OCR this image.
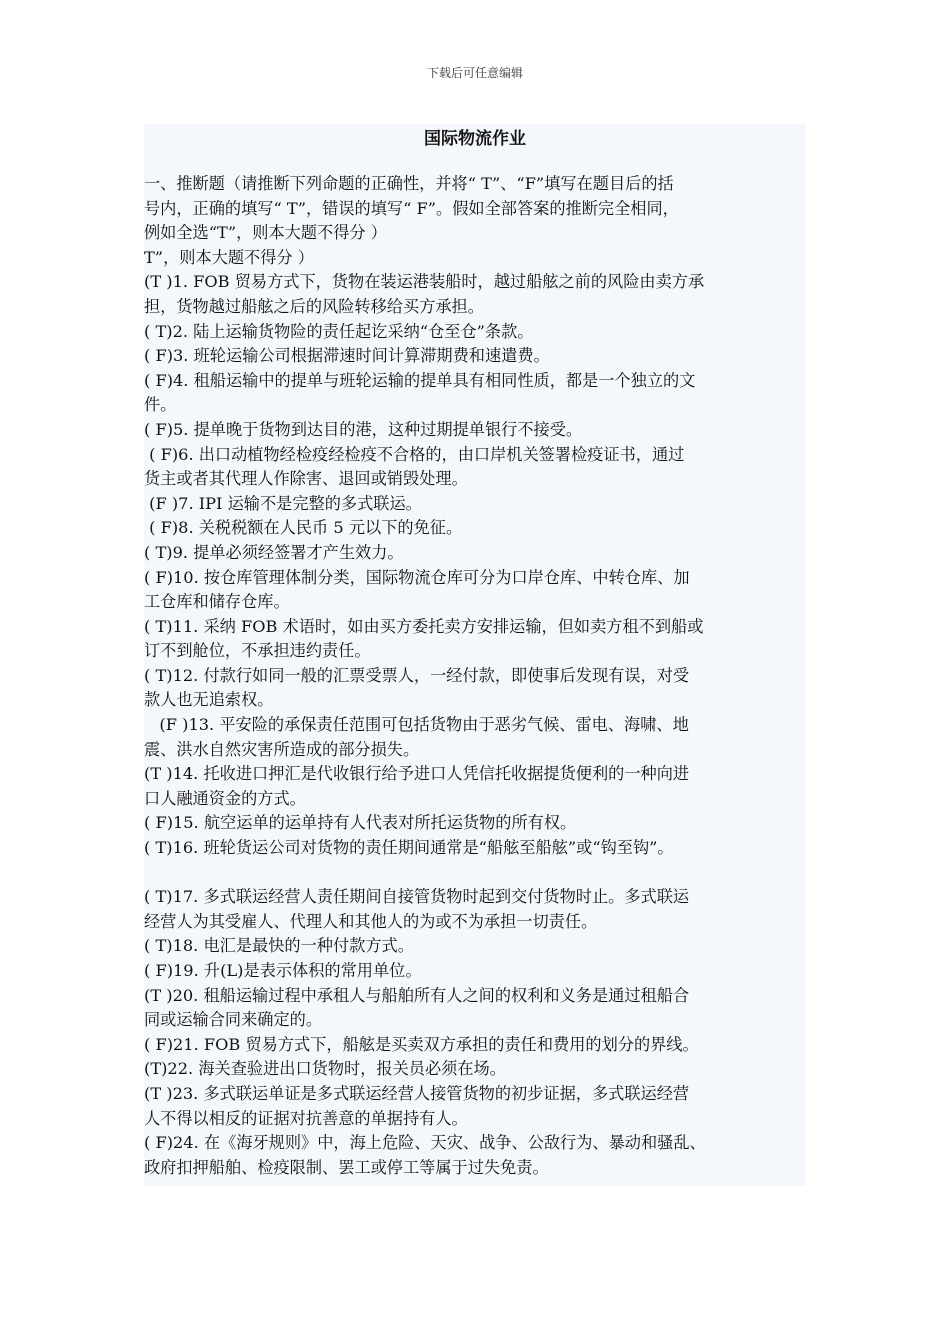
下载后可任意编辑
国际物流作业
一、推断题（请推断下列命题的正确性，并将“ T”、“F”填写在题目后的括
号内，正确的填写“ T”，错误的填写“ F”。假如全部答案的推断完全相同，
例如全选“T”，则本大题不得分 ）
T”，则本大题不得分 ）
(T )1. FOB 贸易方式下，货物在装运港装船时，越过船舷之前的风险由卖方承
担，货物越过船舷之后的风险转移给买方承担。
( T)2. 陆上运输货物险的责任起讫采纳“仓至仓”条款。
( F)3. 班轮运输公司根据滞速时间计算滞期费和速遣费。
( F)4. 租船运输中的提单与班轮运输的提单具有相同性质，都是一个独立的文
件。
( F)5. 提单晚于货物到达目的港，这种过期提单银行不接受。
( F)6. 出口动植物经检疫经检疫不合格的，由口岸机关签署检疫证书，通过
货主或者其代理人作除害、退回或销毁处理。
(F )7. IPI 运输不是完整的多式联运。
( F)8. 关税税额在人民币 5 元以下的免征。
( T)9. 提单必须经签署才产生效力。
( F)10. 按仓库管理体制分类，国际物流仓库可分为口岸仓库、中转仓库、加
工仓库和储存仓库。
( T)11. 采纳 FOB 术语时，如由买方委托卖方安排运输，但如卖方租不到船或
订不到舱位，不承担违约责任。
( T)12. 付款行如同一般的汇票受票人，一经付款，即使事后发现有误，对受
款人也无追索权。
(F )13. 平安险的承保责任范围可包括货物由于恶劣气候、雷电、海啸、地
震、洪水自然灾害所造成的部分损失。
(T )14. 托收进口押汇是代收银行给予进口人凭信托收据提货便利的一种向进
口人融通资金的方式。
( F)15. 航空运单的运单持有人代表对所托运货物的所有权。
( T)16. 班轮货运公司对货物的责任期间通常是“船舷至船舷”或“钩至钩”。
( T)17. 多式联运经营人责任期间自接管货物时起到交付货物时止。多式联运
经营人为其受雇人、代理人和其他人的为或不为承担一切责任。
( T)18. 电汇是最快的一种付款方式。
( F)19. 升(L)是表示体积的常用单位。
(T )20. 租船运输过程中承租人与船舶所有人之间的权利和义务是通过租船合
同或运输合同来确定的。
( F)21. FOB 贸易方式下，船舷是买卖双方承担的责任和费用的划分的界线。
(T)22. 海关查验进出口货物时，报关员必须在场。
(T )23. 多式联运单证是多式联运经营人接管货物的初步证据，多式联运经营
人不得以相反的证据对抗善意的单据持有人。
( F)24. 在《海牙规则》中，海上危险、天灾、战争、公敌行为、暴动和骚乱、
政府扣押船舶、检疫限制、罢工或停工等属于过失免责。
